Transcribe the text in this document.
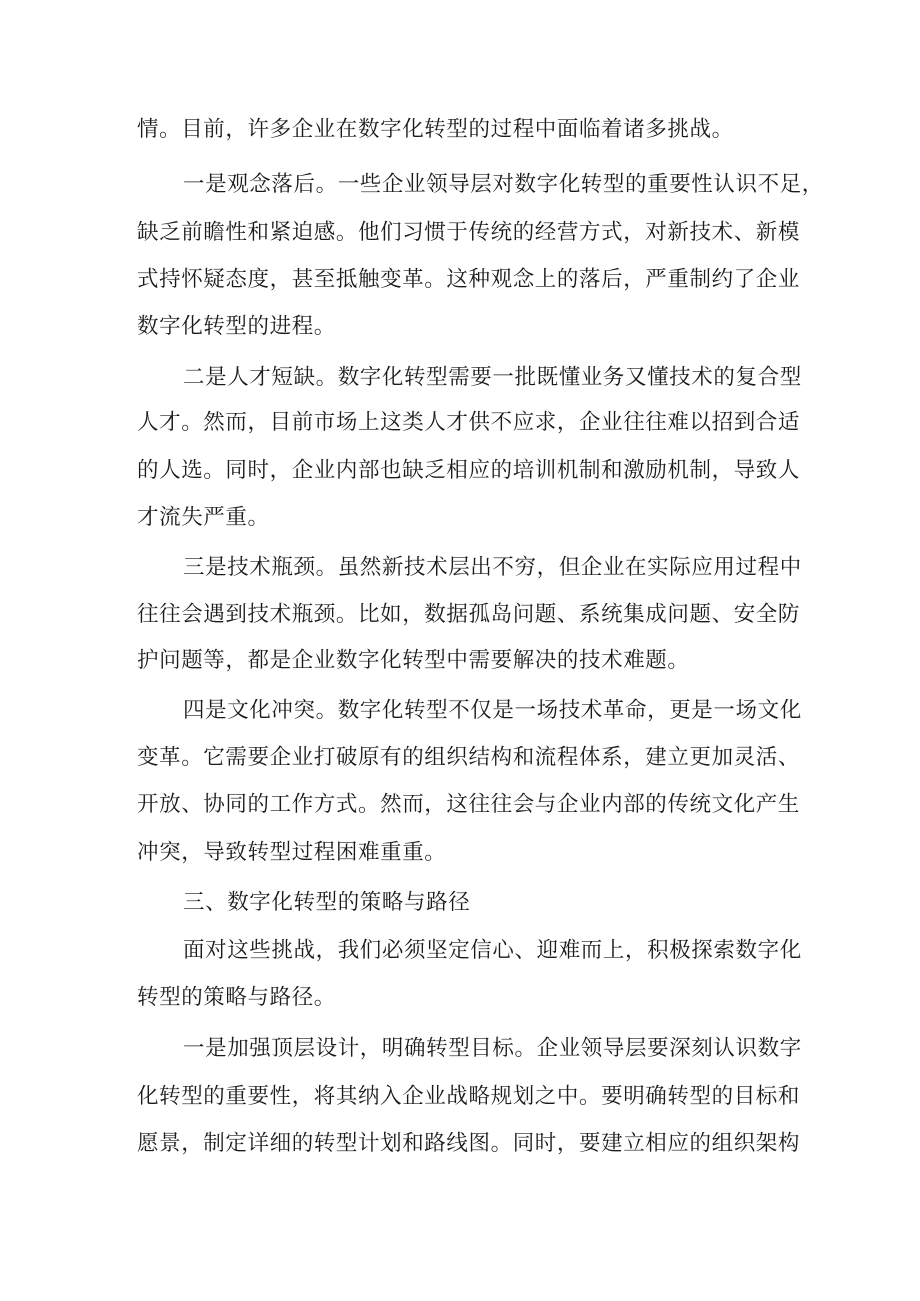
情。目前，许多企业在数字化转型的过程中面临着诸多挑战。
一是观念落后。一些企业领导层对数字化转型的重要性认识不足，
缺乏前瞻性和紧迫感。他们习惯于传统的经营方式，对新技术、新模
式持怀疑态度，甚至抵触变革。这种观念上的落后，严重制约了企业
数字化转型的进程。
二是人才短缺。数字化转型需要一批既懂业务又懂技术的复合型
人才。然而，目前市场上这类人才供不应求，企业往往难以招到合适
的人选。同时，企业内部也缺乏相应的培训机制和激励机制，导致人
才流失严重。
三是技术瓶颈。虽然新技术层出不穷，但企业在实际应用过程中
往往会遇到技术瓶颈。比如，数据孤岛问题、系统集成问题、安全防
护问题等，都是企业数字化转型中需要解决的技术难题。
四是文化冲突。数字化转型不仅是一场技术革命，更是一场文化
变革。它需要企业打破原有的组织结构和流程体系，建立更加灵活、
开放、协同的工作方式。然而，这往往会与企业内部的传统文化产生
冲突，导致转型过程困难重重。
三、数字化转型的策略与路径
面对这些挑战，我们必须坚定信心、迎难而上，积极探索数字化
转型的策略与路径。
一是加强顶层设计，明确转型目标。企业领导层要深刻认识数字
化转型的重要性，将其纳入企业战略规划之中。要明确转型的目标和
愿景，制定详细的转型计划和路线图。同时，要建立相应的组织架构
